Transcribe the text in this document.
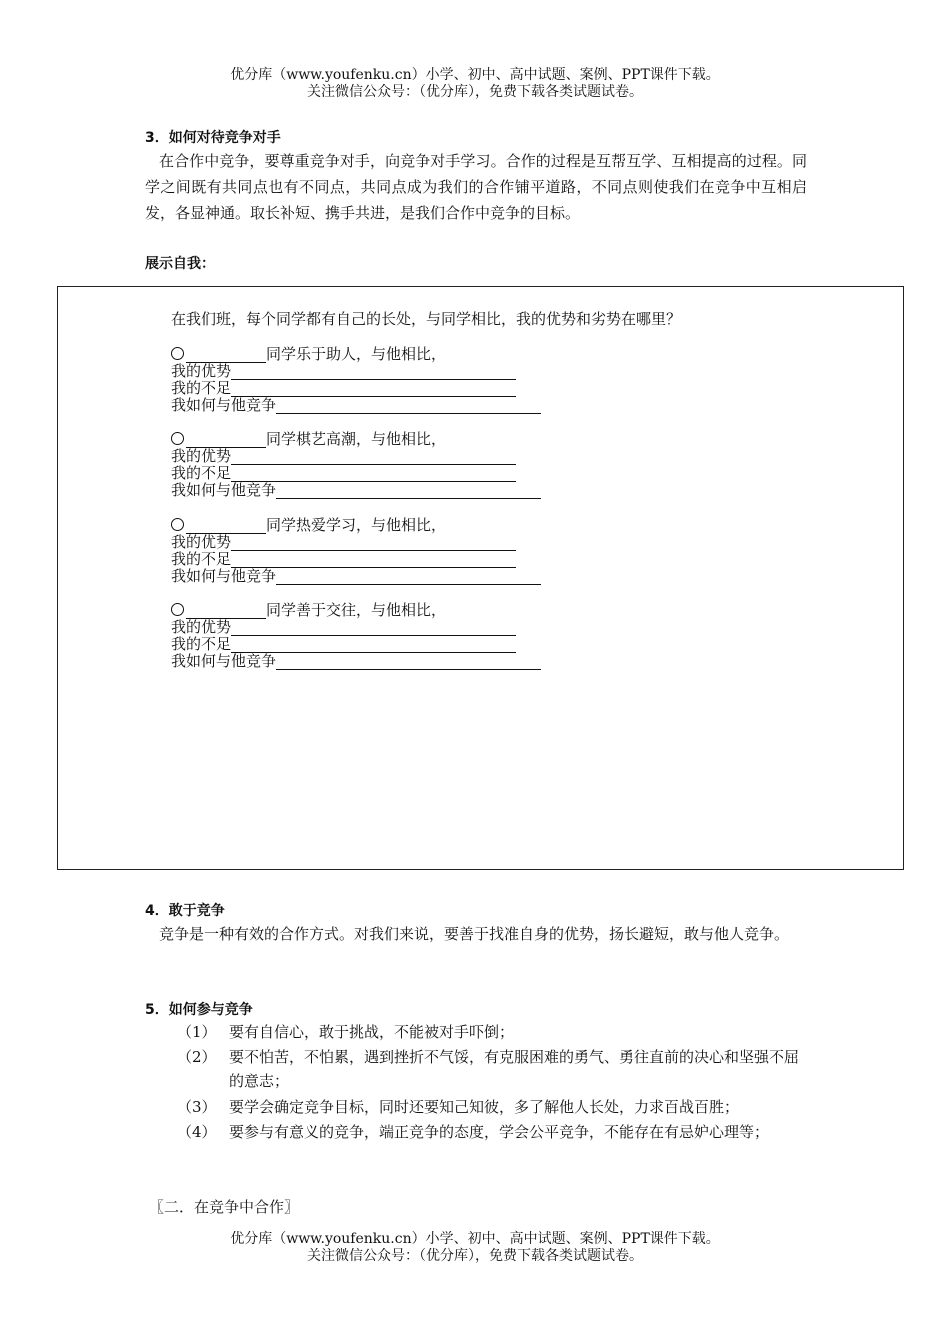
优分库（www.youfenku.cn）小学、初中、高中试题、案例、PPT课件下载。
关注微信公众号：（优分库），免费下载各类试题试卷。
3．如何对待竞争对手
在合作中竞争，要尊重竞争对手，向竞争对手学习。合作的过程是互帮互学、互相提高的过程。同学之间既有共同点也有不同点，共同点成为我们的合作铺平道路，不同点则使我们在竞争中互相启发，各显神通。取长补短、携手共进，是我们合作中竞争的目标。
展示自我：
在我们班，每个同学都有自己的长处，与同学相比，我的优势和劣势在哪里？
同学乐于助人，与他相比，
我的优势
我的不足
我如何与他竞争
同学棋艺高潮，与他相比，
我的优势
我的不足
我如何与他竞争
同学热爱学习，与他相比，
我的优势
我的不足
我如何与他竞争
同学善于交往，与他相比，
我的优势
我的不足
我如何与他竞争
4．敢于竞争
竞争是一种有效的合作方式。对我们来说，要善于找准自身的优势，扬长避短，敢与他人竞争。
5．如何参与竞争
（1） 要有自信心，敢于挑战，不能被对手吓倒；
（2） 要不怕苦，不怕累，遇到挫折不气馁，有克服困难的勇气、勇往直前的决心和坚强不屈的意志；
（3） 要学会确定竞争目标，同时还要知己知彼，多了解他人长处，力求百战百胜；
（4） 要参与有意义的竞争，端正竞争的态度，学会公平竞争，不能存在有忌妒心理等；
〖二．在竞争中合作〗
优分库（www.youfenku.cn）小学、初中、高中试题、案例、PPT课件下载。
关注微信公众号：（优分库），免费下载各类试题试卷。
